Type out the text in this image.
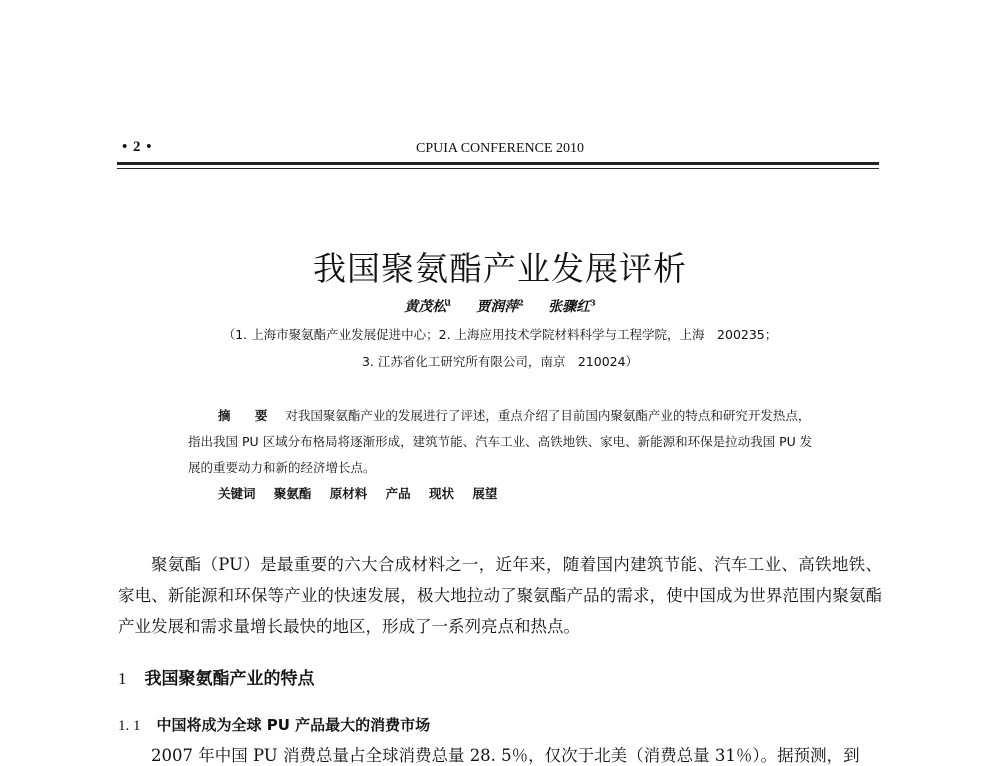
• 2 •	CPUIA CONFERENCE 2010
我国聚氨酯产业发展评析
黄茂松$^1$ 贾润萍$^2$ 张骤红$^3$
（1. 上海市聚氨酯产业发展促进中心；2. 上海应用技术学院材料科学与工程学院，上海　200235；
3. 江苏省化工研究所有限公司，南京　210024）

摘 要 对我国聚氨酯产业的发展进行了评述，重点介绍了目前国内聚氨酯产业的特点和研究开发热点，指出我国 PU 区域分布格局将逐渐形成，建筑节能、汽车工业、高铁地铁、家电、新能源和环保是拉动我国 PU 发展的重要动力和新的经济增长点。

关键词 聚氨酯 原材料 产品 现状 展望

聚氨酯（PU）是最重要的六大合成材料之一，近年来，随着国内建筑节能、汽车工业、高铁地铁、家电、新能源和环保等产业的快速发展，极大地拉动了聚氨酯产品的需求，使中国成为世界范围内聚氨酯产业发展和需求量增长最快的地区，形成了一系列亮点和热点。

1 我国聚氨酯产业的特点
1. 1 中国将成为全球 PU 产品最大的消费市场
2007 年中国 PU 消费总量占全球消费总量 28. 5％，仅次于北美（消费总量 31％）。据预测，到
